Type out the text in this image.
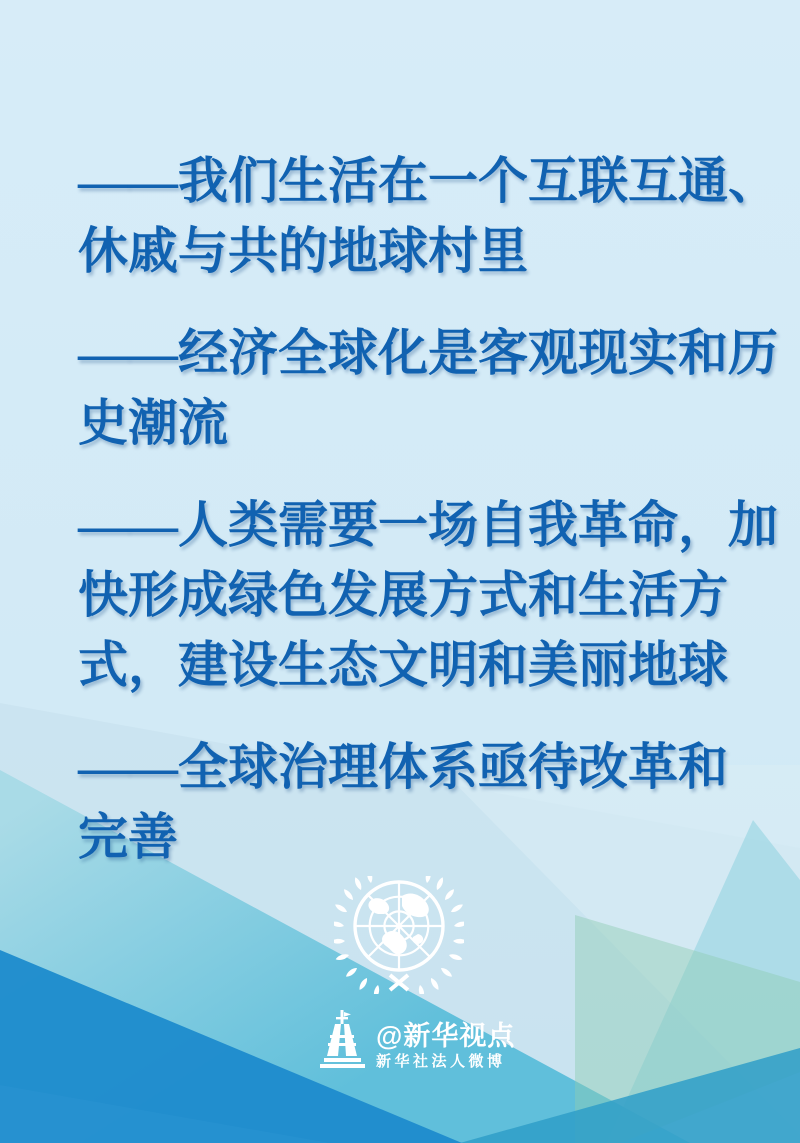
——我们生活在一个互联互通、
休戚与共的地球村里
——经济全球化是客观现实和历
史潮流
——人类需要一场自我革命，加
快形成绿色发展方式和生活方
式，建设生态文明和美丽地球
——全球治理体系亟待改革和
完善
@新华视点
新华社法人微博
